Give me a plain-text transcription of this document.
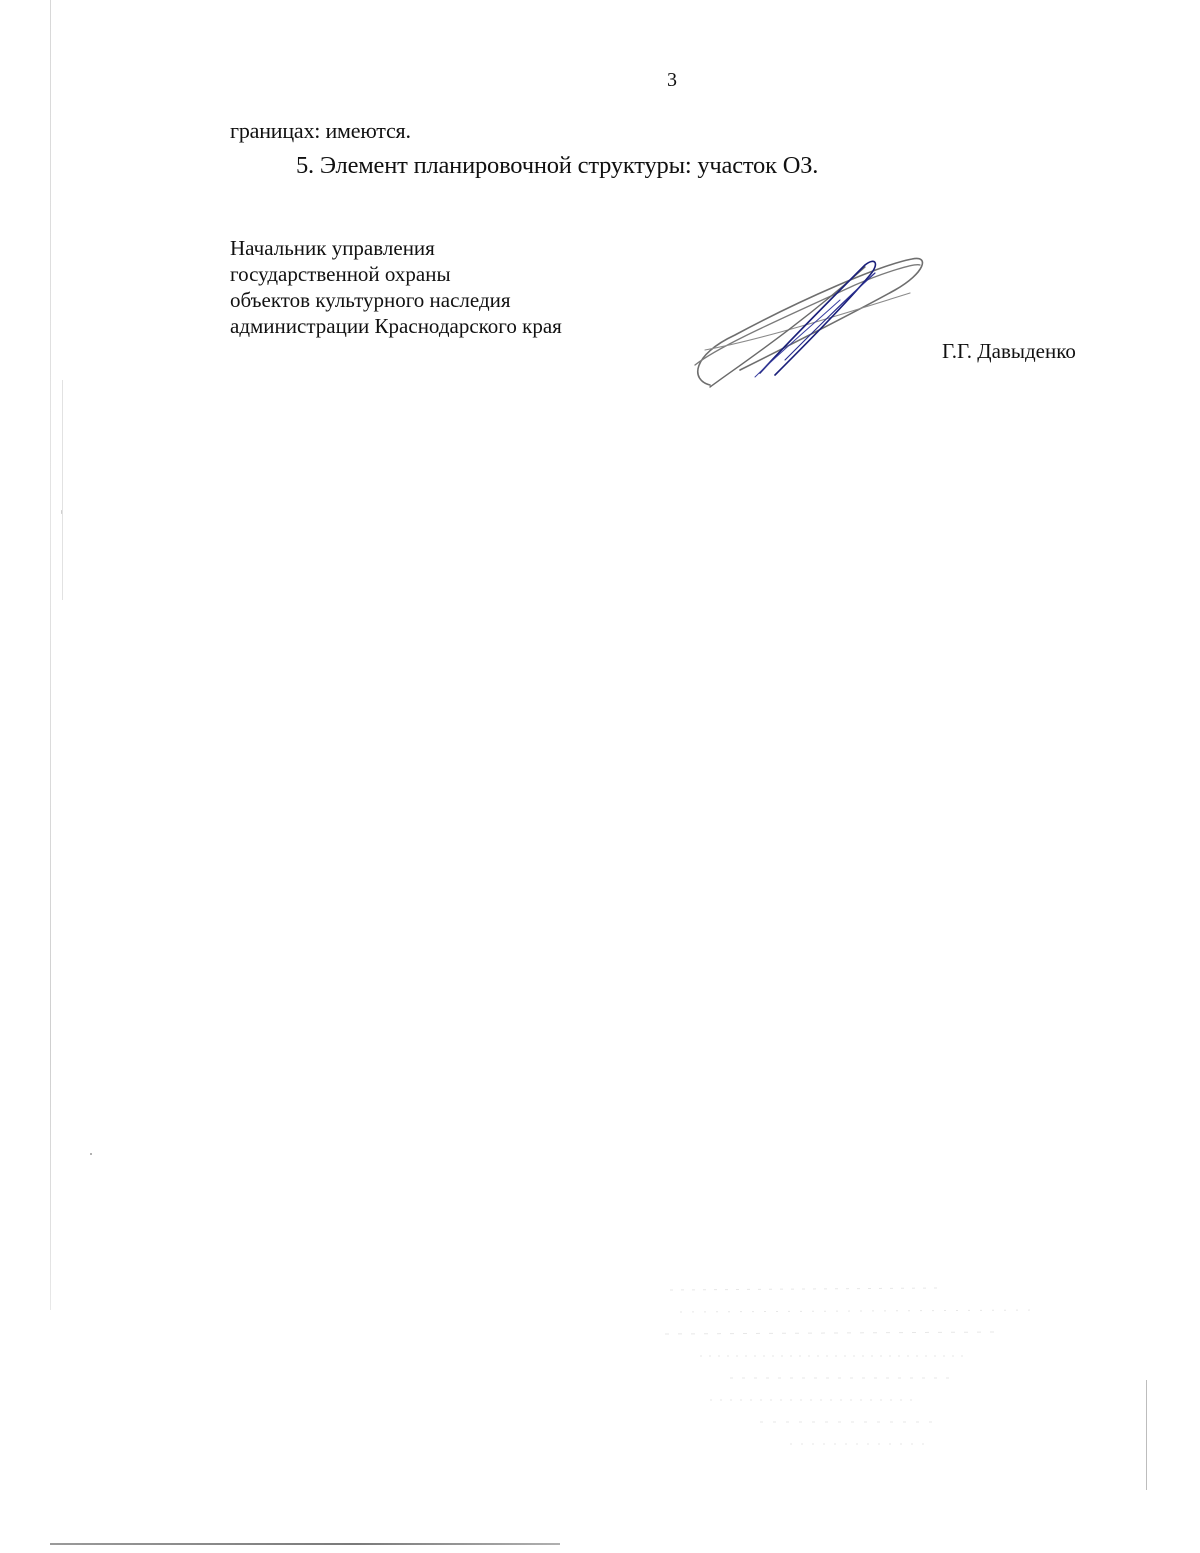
3
границах: имеются.
5. Элемент планировочной структуры: участок ОЗ.
Начальник управления
государственной охраны
объектов культурного наследия
администрации Краснодарского края
Г.Г. Давыденко
